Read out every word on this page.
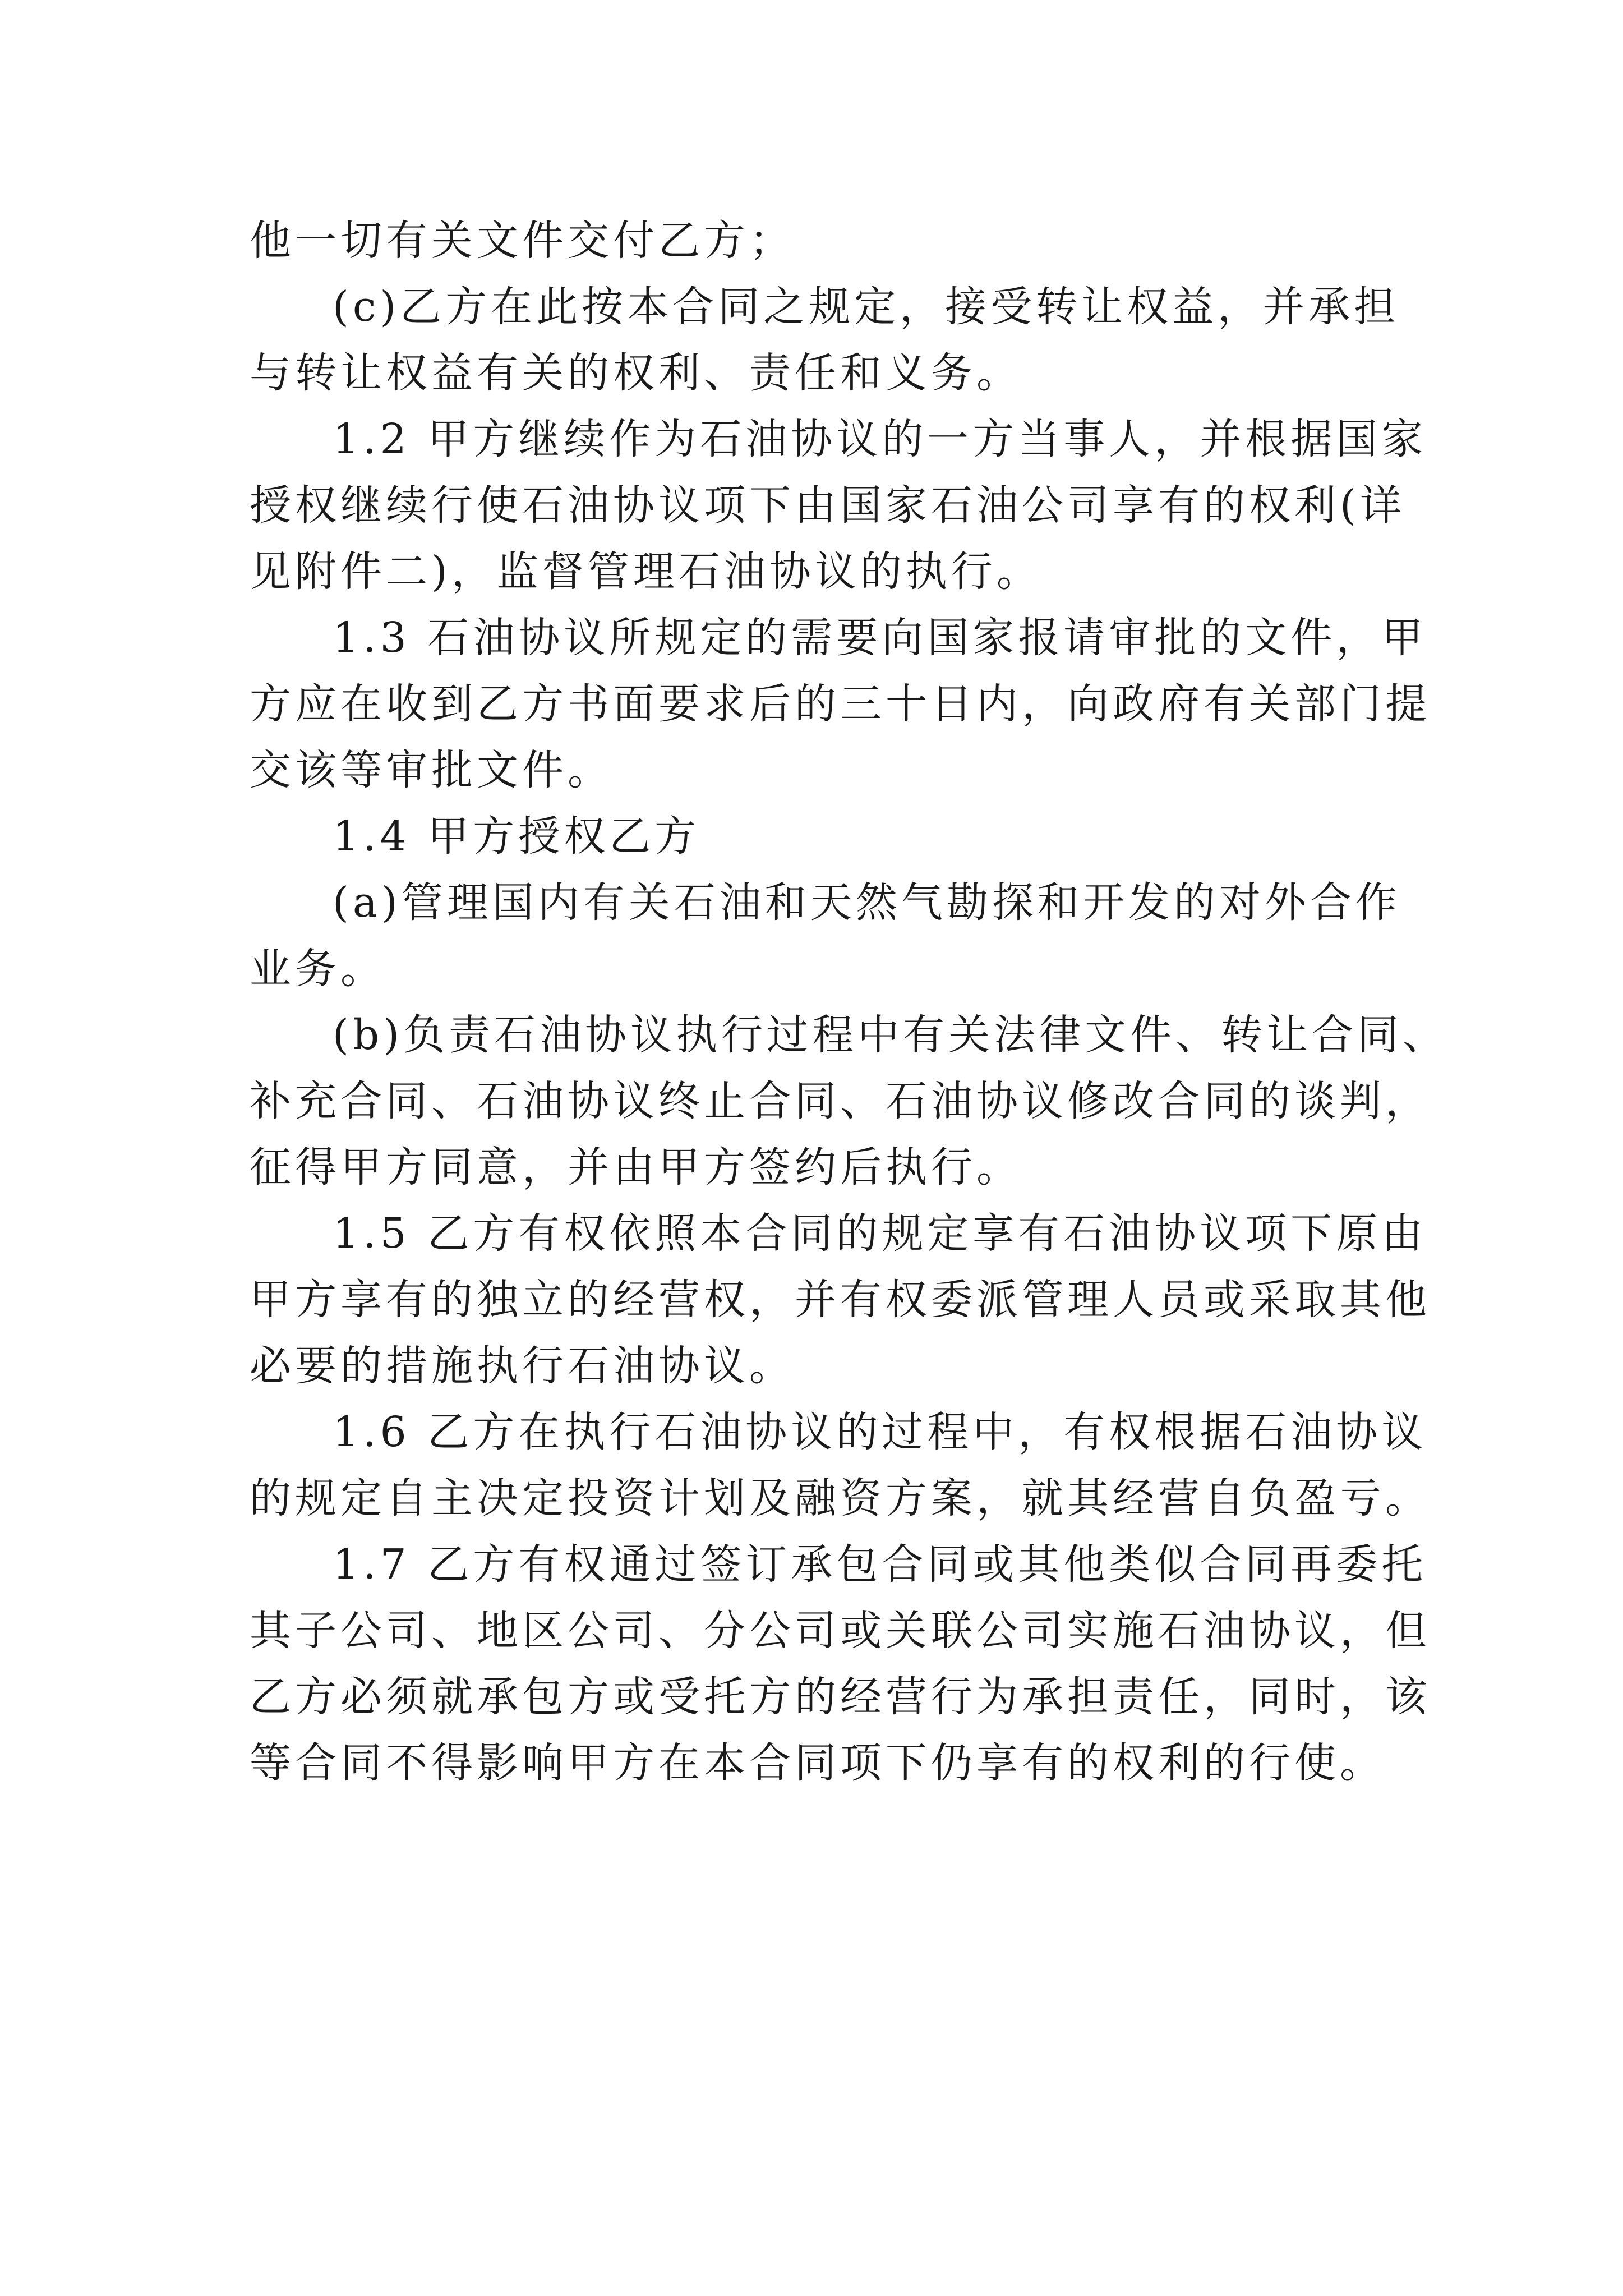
他一切有关文件交付乙方；
(c)乙方在此按本合同之规定，接受转让权益，并承担
与转让权益有关的权利、责任和义务。
1.2 甲方继续作为石油协议的一方当事人，并根据国家
授权继续行使石油协议项下由国家石油公司享有的权利(详
见附件二)，监督管理石油协议的执行。
1.3 石油协议所规定的需要向国家报请审批的文件，甲
方应在收到乙方书面要求后的三十日内，向政府有关部门提
交该等审批文件。
1.4 甲方授权乙方
(a)管理国内有关石油和天然气勘探和开发的对外合作
业务。
(b)负责石油协议执行过程中有关法律文件、转让合同、
补充合同、石油协议终止合同、石油协议修改合同的谈判，
征得甲方同意，并由甲方签约后执行。
1.5 乙方有权依照本合同的规定享有石油协议项下原由
甲方享有的独立的经营权，并有权委派管理人员或采取其他
必要的措施执行石油协议。
1.6 乙方在执行石油协议的过程中，有权根据石油协议
的规定自主决定投资计划及融资方案，就其经营自负盈亏。
1.7 乙方有权通过签订承包合同或其他类似合同再委托
其子公司、地区公司、分公司或关联公司实施石油协议，但
乙方必须就承包方或受托方的经营行为承担责任，同时，该
等合同不得影响甲方在本合同项下仍享有的权利的行使。
